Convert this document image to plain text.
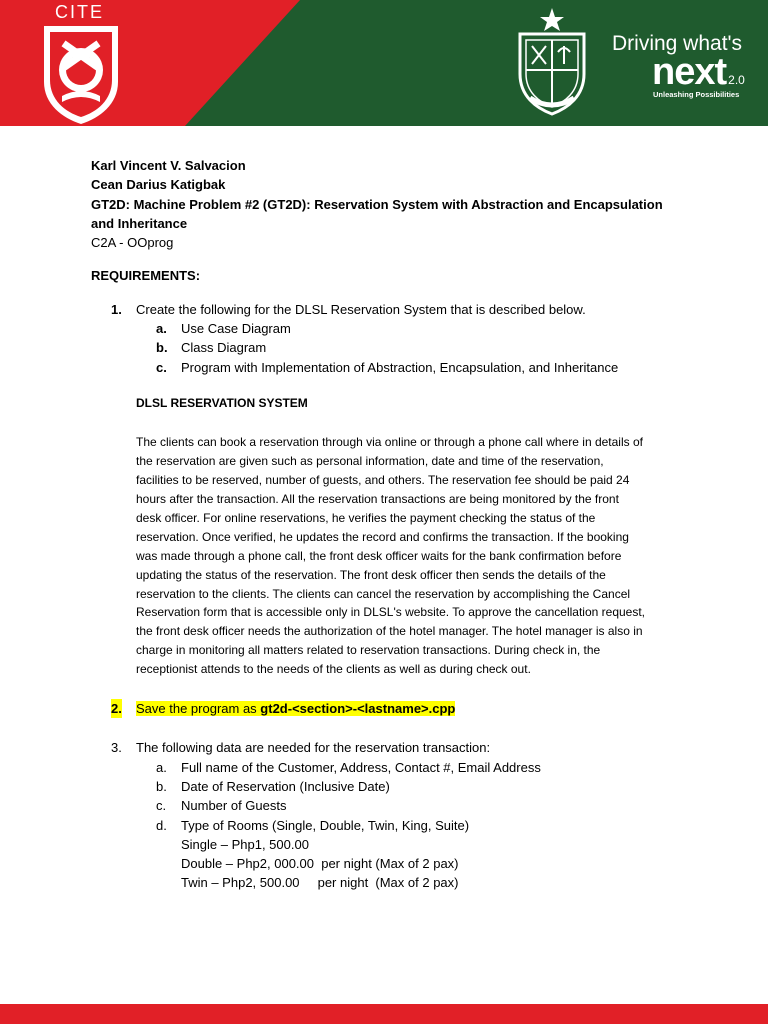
CITE
Driving what's
next 2.0
Unleashing Possibilities

Karl Vincent V. Salvacion

Cean Darius Katigbak

GT2D: Machine Problem #2 (GT2D): Reservation System with Abstraction and Encapsulation

and Inheritance

C2A - OOprog

REQUIREMENTS:

1. Create the following for the DLSL Reservation System that is described below.
a. Use Case Diagram
b. Class Diagram
c. Program with Implementation of Abstraction, Encapsulation, and Inheritance

DLSL RESERVATION SYSTEM

The clients can book a reservation through via online or through a phone call where in details of
the reservation are given such as personal information, date and time of the reservation,
facilities to be reserved, number of guests, and others. The reservation fee should be paid 24
hours after the transaction. All the reservation transactions are being monitored by the front
desk officer. For online reservations, he verifies the payment checking the status of the
reservation. Once verified, he updates the record and confirms the transaction. If the booking
was made through a phone call, the front desk officer waits for the bank confirmation before
updating the status of the reservation. The front desk officer then sends the details of the
reservation to the clients. The clients can cancel the reservation by accomplishing the Cancel
Reservation form that is accessible only in DLSL's website. To approve the cancellation request,
the front desk officer needs the authorization of the hotel manager. The hotel manager is also in
charge in monitoring all matters related to reservation transactions. During check in, the
receptionist attends to the needs of the clients as well as during check out.
2. Save the program as gt2d-<section>-<lastname>.cpp
3. The following data are needed for the reservation transaction:
a. Full name of the Customer, Address, Contact #, Email Address
b. Date of Reservation (Inclusive Date)
c. Number of Guests
d. Type of Rooms (Single, Double, Twin, King, Suite)
Single – Php1, 500.00
Double – Php2, 000.00  per night (Max of 2 pax)
Twin – Php2, 500.00     per night  (Max of 2 pax)
